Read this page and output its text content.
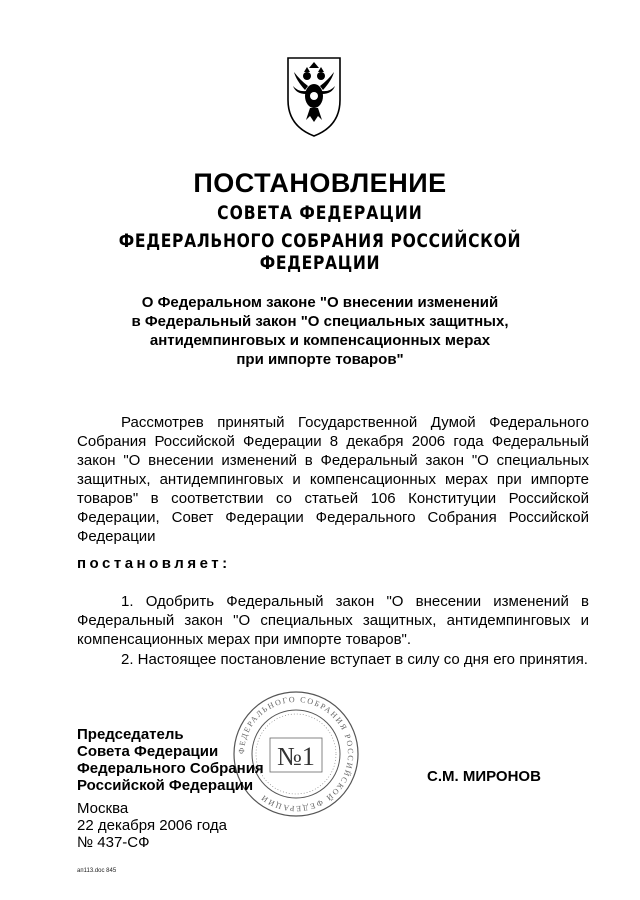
ПОСТАНОВЛЕНИЕ
СОВЕТА ФЕДЕРАЦИИ
ФЕДЕРАЛЬНОГО СОБРАНИЯ РОССИЙСКОЙ ФЕДЕРАЦИИ
О Федеральном законе "О внесении изменений
в Федеральный закон "О специальных защитных,
антидемпинговых и компенсационных мерах
при импорте товаров"
Рассмотрев принятый Государственной Думой Федерального Собрания Российской Федерации 8 декабря 2006 года Федеральный закон "О внесении изменений в Федеральный закон "О специальных защитных, антидемпинговых и компенсационных мерах при импорте товаров" в соответствии со статьей 106 Конституции Российской Федерации, Совет Федерации Федерального Собрания Российской Федерации
постановляет:
1. Одобрить Федеральный закон "О внесении изменений в Федеральный закон "О специальных защитных, антидемпинговых и компенсационных мерах при импорте товаров".
2. Настоящее постановление вступает в силу со дня его принятия.
ФЕДЕРАЛЬНОГО СОБРАНИЯ РОССИЙСКОЙ ФЕДЕРАЦИИ
№1
Председатель
Совета Федерации
Федерального Собрания
Российской Федерации
С.М. МИРОНОВ
Москва
22 декабря 2006 года
№ 437-СФ
ап113.doc 845
